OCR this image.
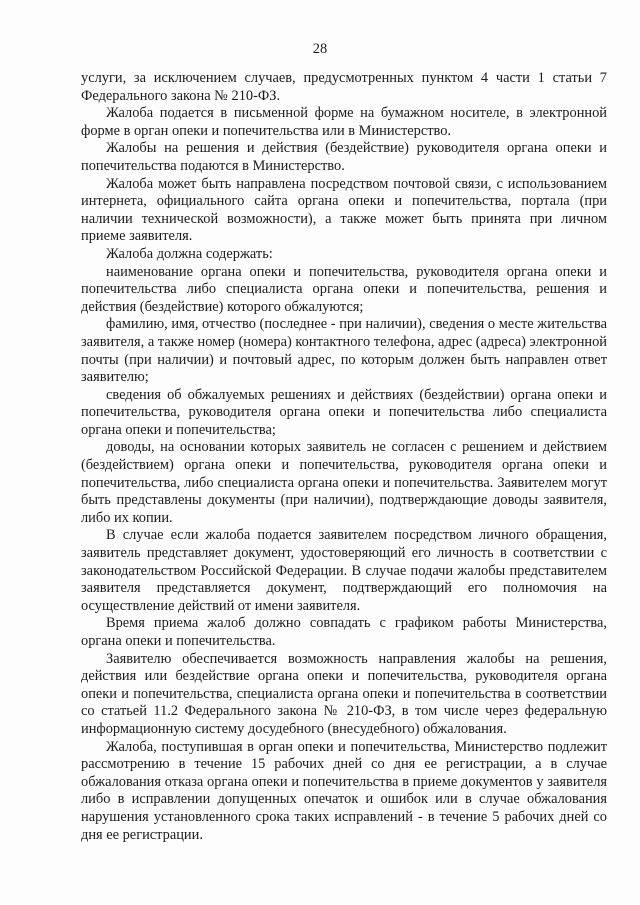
28

услуги, за исключением случаев, предусмотренных пунктом 4 части 1 статьи 7 Федерального закона № 210-ФЗ.

Жалоба подается в письменной форме на бумажном носителе, в электронной форме в орган опеки и попечительства или в Министерство.

Жалобы на решения и действия (бездействие) руководителя органа опеки и попечительства подаются в Министерство.

Жалоба может быть направлена посредством почтовой связи, с использованием интернета, официального сайта органа опеки и попечительства, портала (при наличии технической возможности), а также может быть принята при личном приеме заявителя.

Жалоба должна содержать:

наименование органа опеки и попечительства, руководителя органа опеки и попечительства либо специалиста органа опеки и попечительства, решения и действия (бездействие) которого обжалуются;

фамилию, имя, отчество (последнее - при наличии), сведения о месте жительства заявителя, а также номер (номера) контактного телефона, адрес (адреса) электронной почты (при наличии) и почтовый адрес, по которым должен быть направлен ответ заявителю;

сведения об обжалуемых решениях и действиях (бездействии) органа опеки и попечительства, руководителя органа опеки и попечительства либо специалиста органа опеки и попечительства;

доводы, на основании которых заявитель не согласен с решением и действием (бездействием) органа опеки и попечительства, руководителя органа опеки и попечительства, либо специалиста органа опеки и попечительства. Заявителем могут быть представлены документы (при наличии), подтверждающие доводы заявителя, либо их копии.

В случае если жалоба подается заявителем посредством личного обращения, заявитель представляет документ, удостоверяющий его личность в соответствии с законодательством Российской Федерации. В случае подачи жалобы представителем заявителя представляется документ, подтверждающий его полномочия на осуществление действий от имени заявителя.

Время приема жалоб должно совпадать с графиком работы Министерства, органа опеки и попечительства.

Заявителю обеспечивается возможность направления жалобы на решения, действия или бездействие органа опеки и попечительства, руководителя органа опеки и попечительства, специалиста органа опеки и попечительства в соответствии со статьей 11.2 Федерального закона № 210-ФЗ, в том числе через федеральную информационную систему досудебного (внесудебного) обжалования.

Жалоба, поступившая в орган опеки и попечительства, Министерство подлежит рассмотрению в течение 15 рабочих дней со дня ее регистрации, а в случае обжалования отказа органа опеки и попечительства в приеме документов у заявителя либо в исправлении допущенных опечаток и ошибок или в случае обжалования нарушения установленного срока таких исправлений - в течение 5 рабочих дней со дня ее регистрации.
